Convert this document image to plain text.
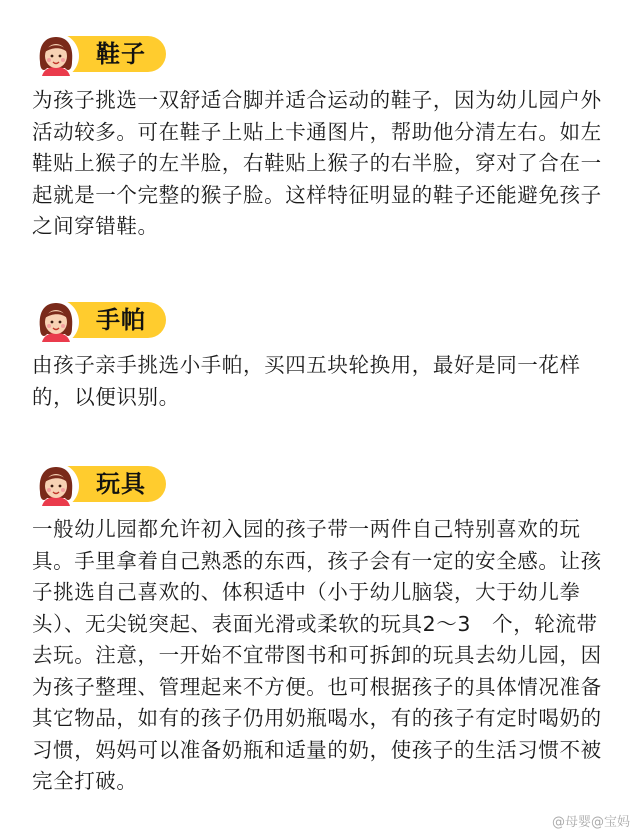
鞋子

为孩子挑选一双舒适合脚并适合运动的鞋子，因为幼儿园户外活动较多。可在鞋子上贴上卡通图片，帮助他分清左右。如左鞋贴上猴子的左半脸，右鞋贴上猴子的右半脸，穿对了合在一起就是一个完整的猴子脸。这样特征明显的鞋子还能避免孩子之间穿错鞋。

手帕

由孩子亲手挑选小手帕，买四五块轮换用，最好是同一花样的，以便识别。

玩具

一般幼儿园都允许初入园的孩子带一两件自己特别喜欢的玩具。手里拿着自己熟悉的东西，孩子会有一定的安全感。让孩子挑选自己喜欢的、体积适中（小于幼儿脑袋，大于幼儿拳头）、无尖锐突起、表面光滑或柔软的玩具2～3　个，轮流带去玩。注意，一开始不宜带图书和可拆卸的玩具去幼儿园，因为孩子整理、管理起来不方便。也可根据孩子的具体情况准备其它物品，如有的孩子仍用奶瓶喝水，有的孩子有定时喝奶的习惯，妈妈可以准备奶瓶和适量的奶，使孩子的生活习惯不被完全打破。

@母婴@宝妈
